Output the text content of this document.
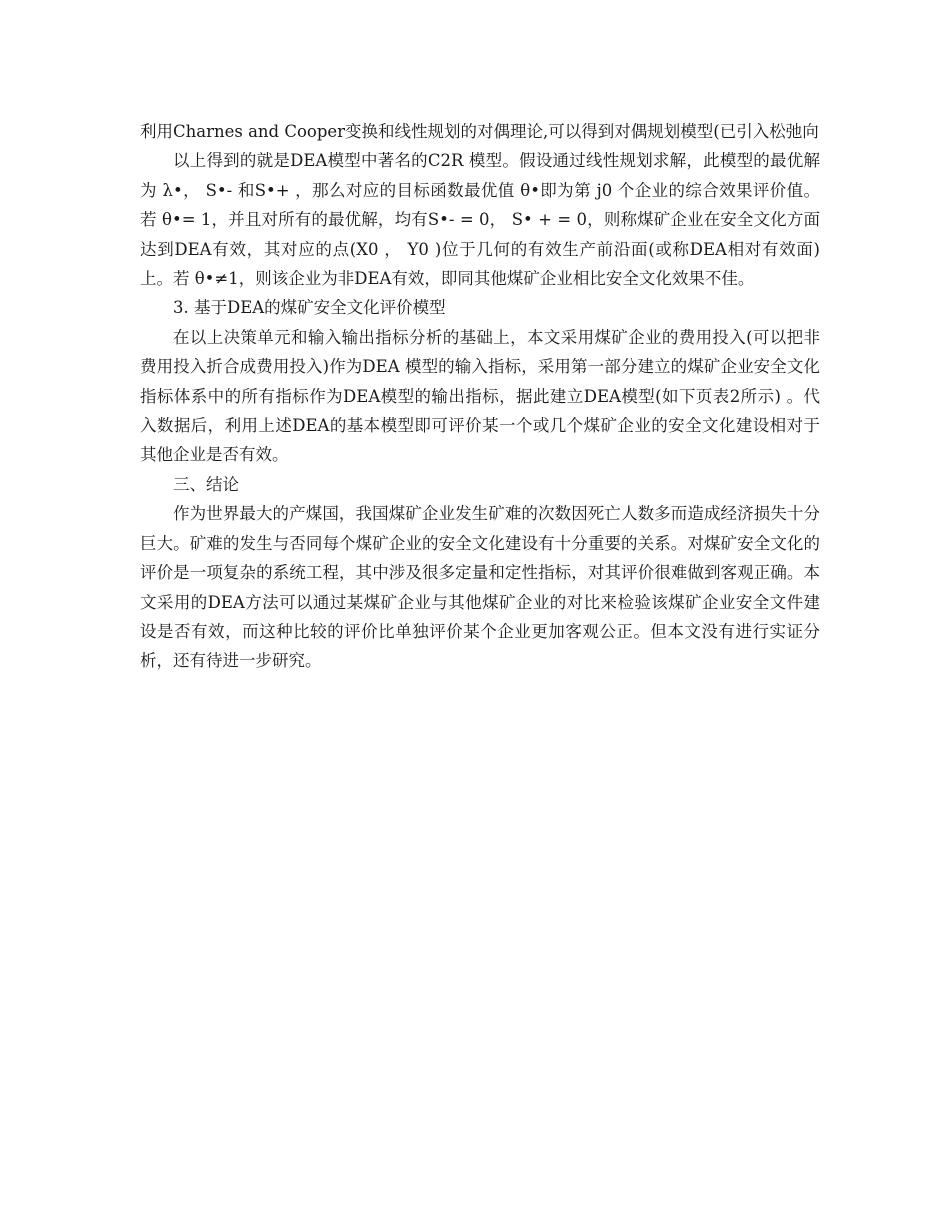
利用Charnes and Cooper变换和线性规划的对偶理论,可以得到对偶规划模型(已引入松弛向

以上得到的就是DEA模型中著名的C2R 模型。假设通过线性规划求解，此模型的最优解为 λ•， S•- 和S•+ ，那么对应的目标函数最优值 θ•即为第 j0 个企业的综合效果评价值。若 θ•= 1，并且对所有的最优解，均有S•- = 0， S• + = 0，则称煤矿企业在安全文化方面达到DEA有效，其对应的点(X0 ， Y0 )位于几何的有效生产前沿面(或称DEA相对有效面)上。若 θ•≠1，则该企业为非DEA有效，即同其他煤矿企业相比安全文化效果不佳。

3. 基于DEA的煤矿安全文化评价模型

在以上决策单元和输入输出指标分析的基础上，本文采用煤矿企业的费用投入(可以把非费用投入折合成费用投入)作为DEA 模型的输入指标，采用第一部分建立的煤矿企业安全文化指标体系中的所有指标作为DEA模型的输出指标，据此建立DEA模型(如下页表2所示) 。代入数据后，利用上述DEA的基本模型即可评价某一个或几个煤矿企业的安全文化建设相对于其他企业是否有效。

三、结论

作为世界最大的产煤国，我国煤矿企业发生矿难的次数因死亡人数多而造成经济损失十分巨大。矿难的发生与否同每个煤矿企业的安全文化建设有十分重要的关系。对煤矿安全文化的评价是一项复杂的系统工程，其中涉及很多定量和定性指标，对其评价很难做到客观正确。本文采用的DEA方法可以通过某煤矿企业与其他煤矿企业的对比来检验该煤矿企业安全文件建设是否有效，而这种比较的评价比单独评价某个企业更加客观公正。但本文没有进行实证分析，还有待进一步研究。
